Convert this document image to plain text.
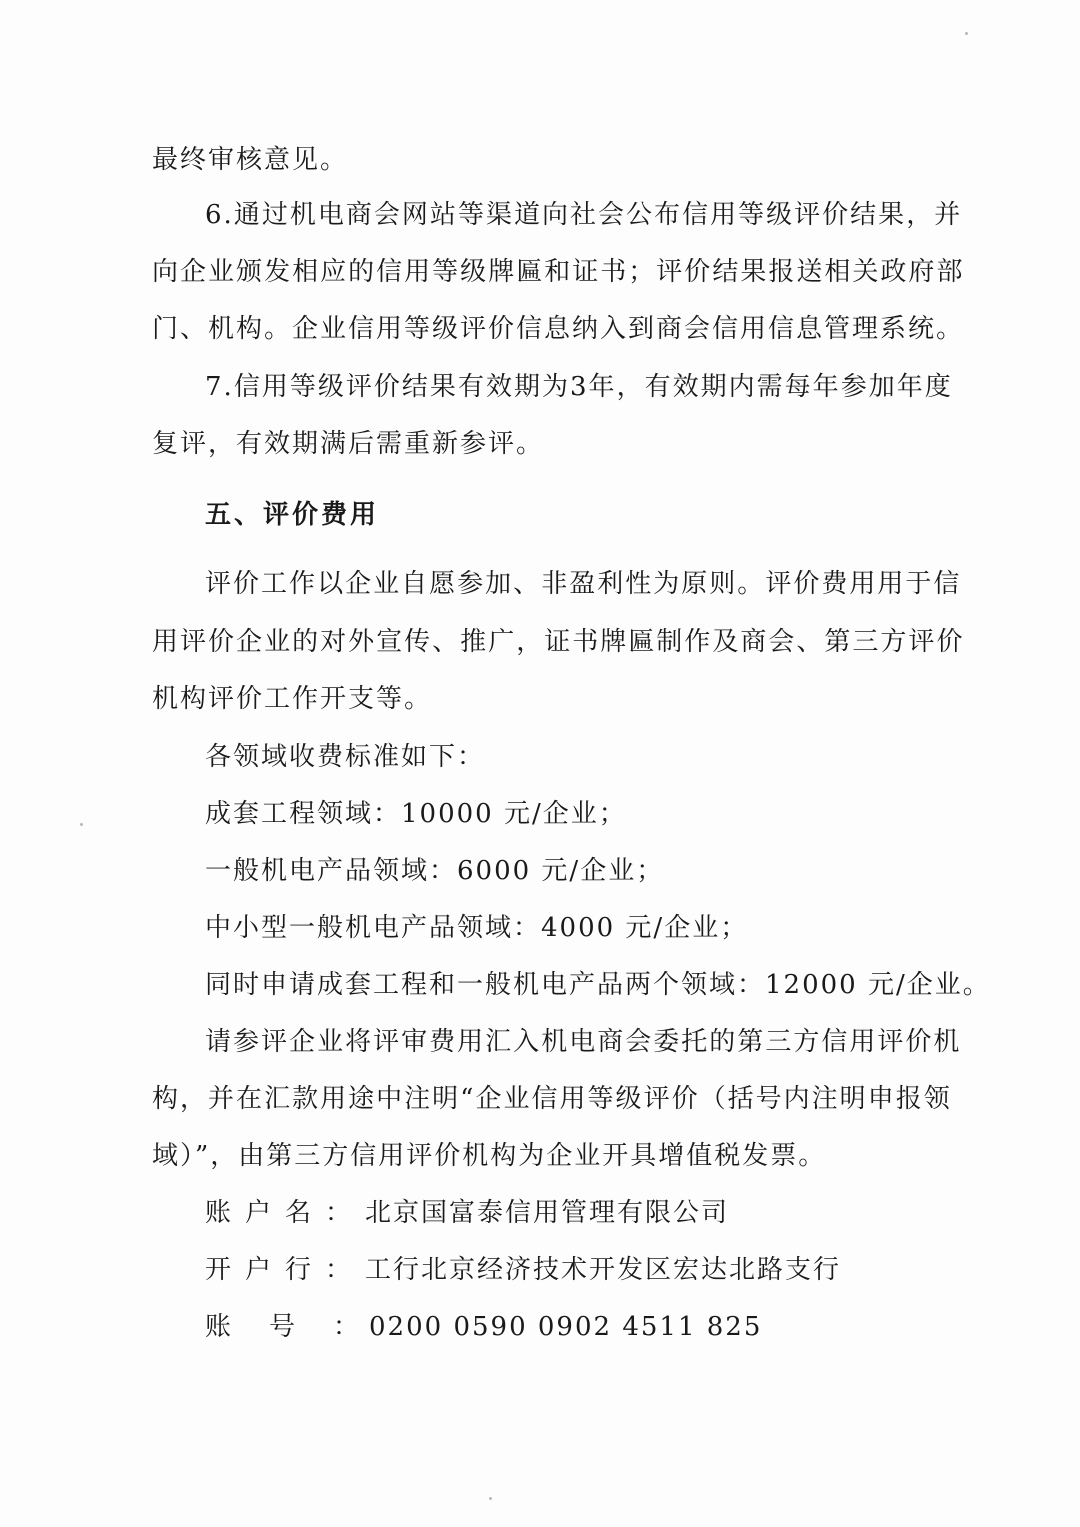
最终审核意见。
6 . 通 过 机 电 商 会 网 站 等 渠 道 向 社 会 公 布 信 用 等 级 评 价 结 果 ， 并
向 企 业 颁 发 相 应 的 信 用 等 级 牌 匾 和 证 书 ； 评 价 结 果 报 送 相 关 政 府 部
门、机构。企业信用等级评价信息纳入到商会信用信息管理系统。
7 . 信 用 等 级 评 价 结 果 有 效 期 为 3 年 ， 有 效 期 内 需 每 年 参 加 年 度
复评，有效期满后需重新参评。
五、评价费用
评 价 工 作 以 企 业 自 愿 参 加 、 非 盈 利 性 为 原 则 。 评 价 费 用 用 于 信
用 评 价 企 业 的 对 外 宣 传 、 推 广 ， 证 书 牌 匾 制 作 及 商 会 、 第 三 方 评 价
机构评价工作开支等。
各领域收费标准如下：
成套工程领域：10000 元/企业；
一般机电产品领域：6000 元/企业；
中小型一般机电产品领域：4000 元/企业；
同时申请成套工程和一般机电产品两个领域：12000 元/企业。
请 参 评 企 业 将 评 审 费 用 汇 入 机 电 商 会 委 托 的 第 三 方 信 用 评 价 机
构 ， 并 在 汇 款 用 途 中 注 明 “ 企 业 信 用 等 级 评 价 （ 括 号 内 注 明 申 报 领
域）”，由第三方信用评价机构为企业开具增值税发票。
账户名：北京国富泰信用管理有限公司
开户行：工行北京经济技术开发区宏达北路支行
账号：0200 0590 0902 4511 825
